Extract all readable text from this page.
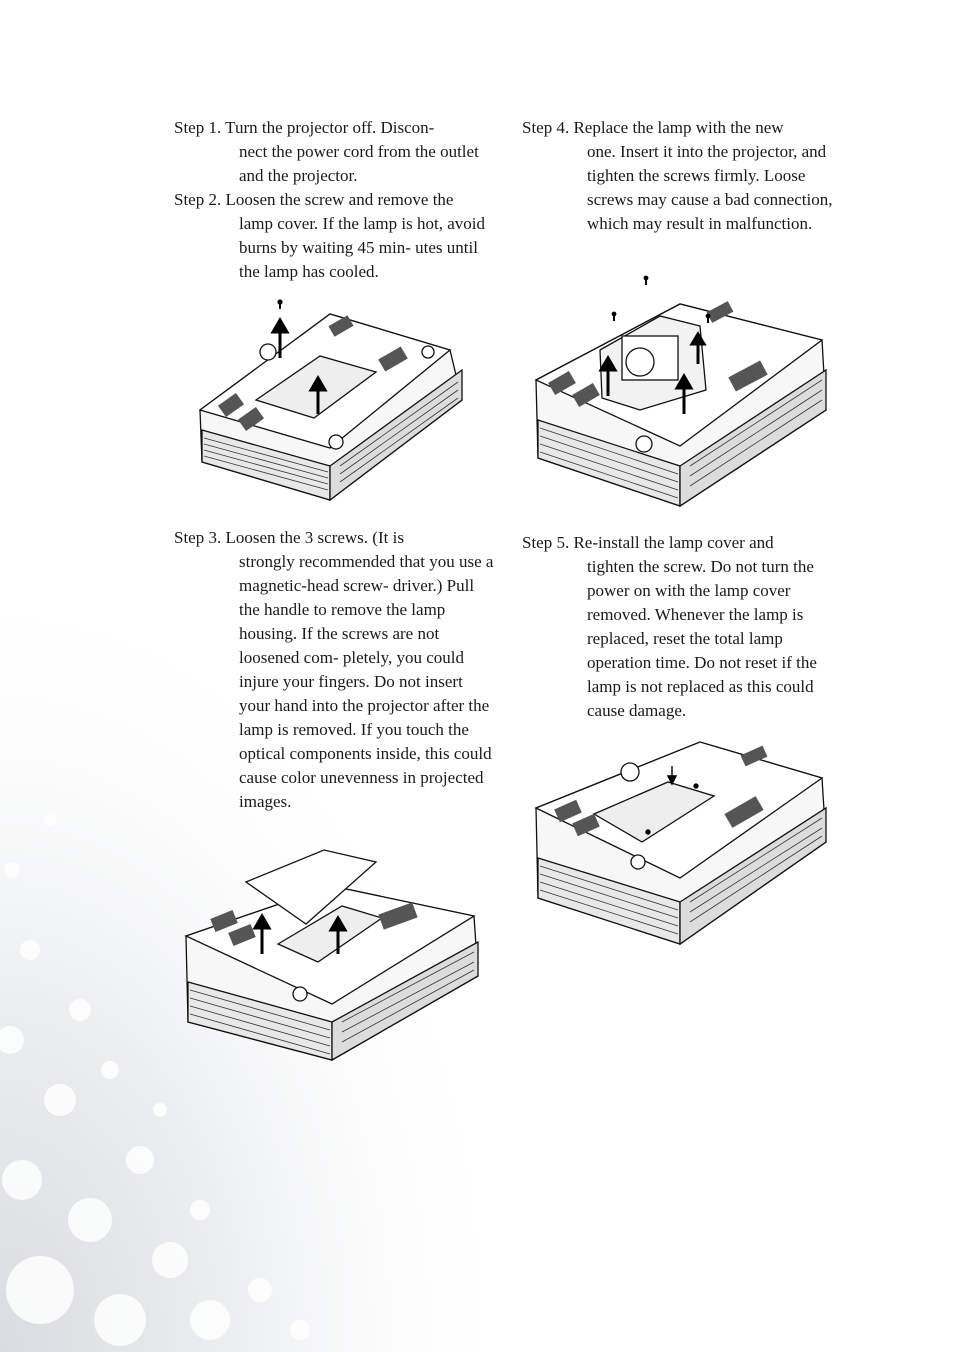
Step 1. Turn the projector off. Discon-
nect the power cord from the outlet and the projector.
Step 2. Loosen the screw and remove the
lamp cover. If the lamp is hot, avoid burns by waiting 45 min- utes until the lamp has cooled.
Step 3. Loosen the 3 screws. (It is
strongly recommended that you use a magnetic-head screw- driver.) Pull the handle to remove the lamp housing. If the screws are not loosened com- pletely, you could injure your fingers. Do not insert your hand into the projector after the lamp is removed. If you touch the optical components inside, this could cause color unevenness in projected images.
Step 4. Replace the lamp with the new
one. Insert it into the projector, and tighten the screws firmly. Loose screws may cause a bad connection, which may result in malfunction.
Step 5. Re-install the lamp cover and
tighten the screw. Do not turn the power on with the lamp cover removed. Whenever the lamp is replaced, reset the total lamp operation time. Do not reset if the lamp is not replaced as this could cause damage.
